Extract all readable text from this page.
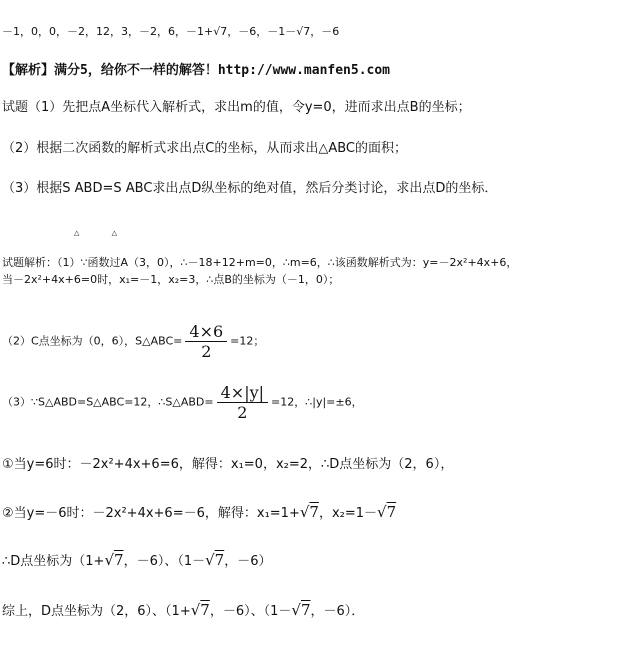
－1，0，0，－2，12，3，－2，6，－1+√7，－6，－1－√7，－6
【解析】满分5，给你不一样的解答！http://www.manfen5.com
试题（1）先把点A坐标代入解析式，求出m的值，令y=0，进而求出点B的坐标；
（2）根据二次函数的解析式求出点C的坐标，从而求出△ABC的面积；
（3）根据S ABD=S ABC求出点D纵坐标的绝对值，然后分类讨论，求出点D的坐标．
△ △
试题解析：（1）∵函数过A（3，0），∴－18+12+m=0，∴m=6，∴该函数解析式为：y=－2x²+4x+6，
当－2x²+4x+6=0时，x₁=－1，x₂=3，∴点B的坐标为（－1，0）；
（2）C点坐标为（0，6），S△ABC= $\frac{4\times 6}{2} =12$；
（3）∵S△ABD=S△ABC=12，∴S△ABD= $\frac{4\times|y|}{2} =12$，∴|y|=±6，
①当y=6时：－2x²+4x+6=6，解得：x₁=0，x₂=2，∴D点坐标为（2，6），
②当y=－6时：－2x²+4x+6=－6，解得：x₁=1+√7，x₂=1－√7
∴D点坐标为（1+√7，－6）、（1－√7，－6）
综上，D点坐标为（2，6）、（1+√7，－6）、（1－√7，－6）．
